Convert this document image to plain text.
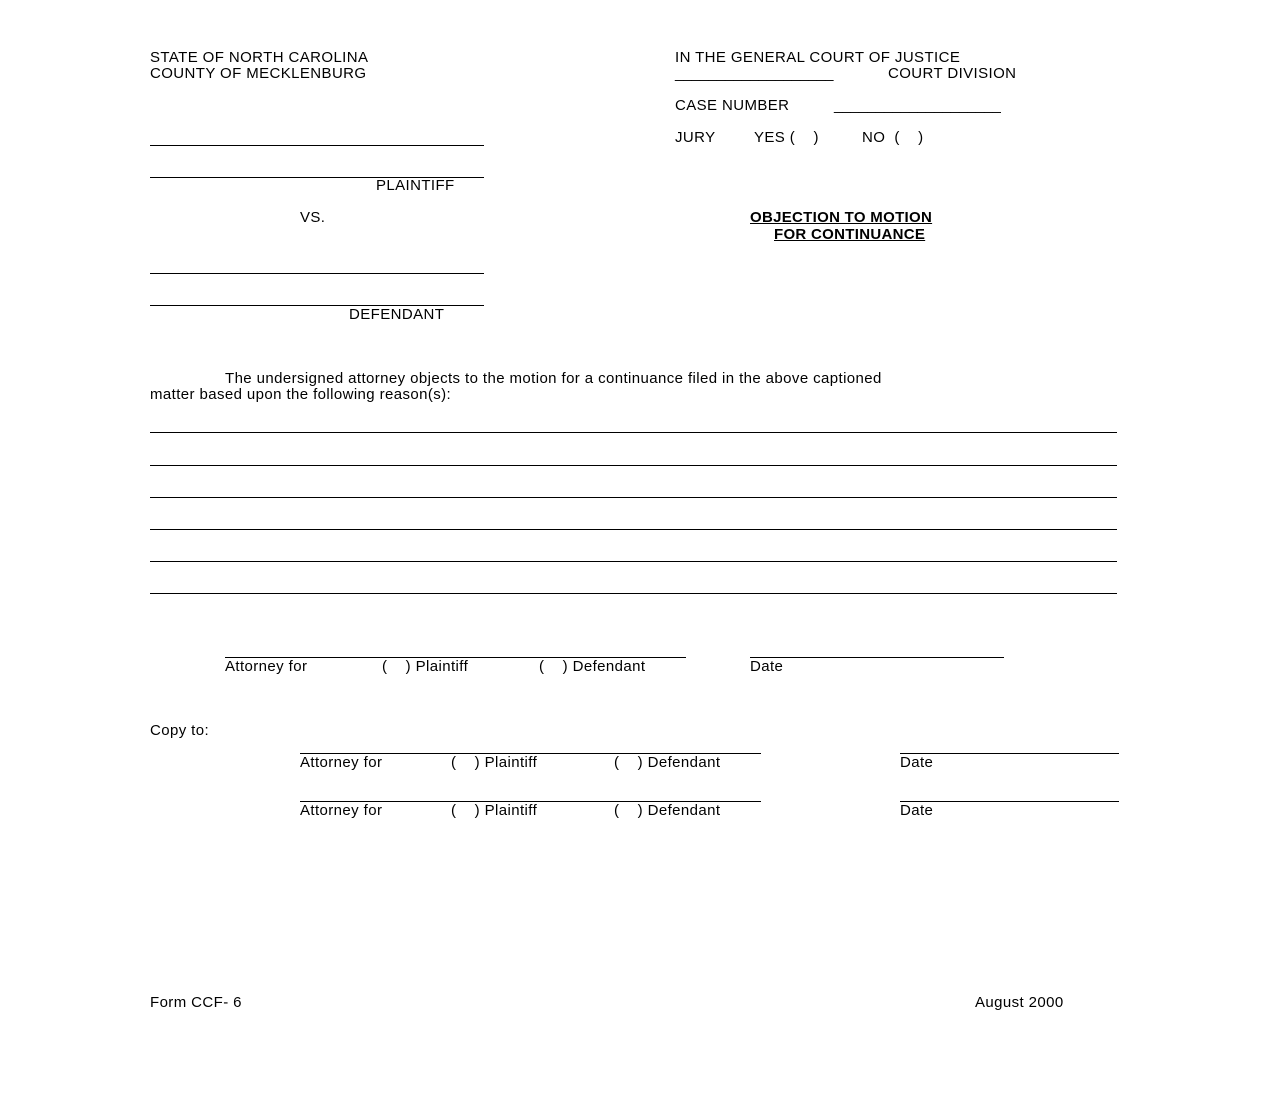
STATE OF NORTH CAROLINA
COUNTY OF MECKLENBURG
IN THE GENERAL COURT OF JUSTICE
___________________	COURT DIVISION
CASE NUMBER	____________________
JURY	YES (    )	NO  (    )
PLAINTIFF
VS.	OBJECTION TO MOTION
FOR CONTINUANCE
DEFENDANT
The undersigned attorney objects to the motion for a continuance filed in the above captioned
matter based upon the following reason(s):
Attorney for	(    ) Plaintiff	(    ) Defendant	Date
Copy to:
Attorney for	(    ) Plaintiff	(    ) Defendant	Date
Attorney for	(    ) Plaintiff	(    ) Defendant	Date
Form CCF- 6	August 2000
